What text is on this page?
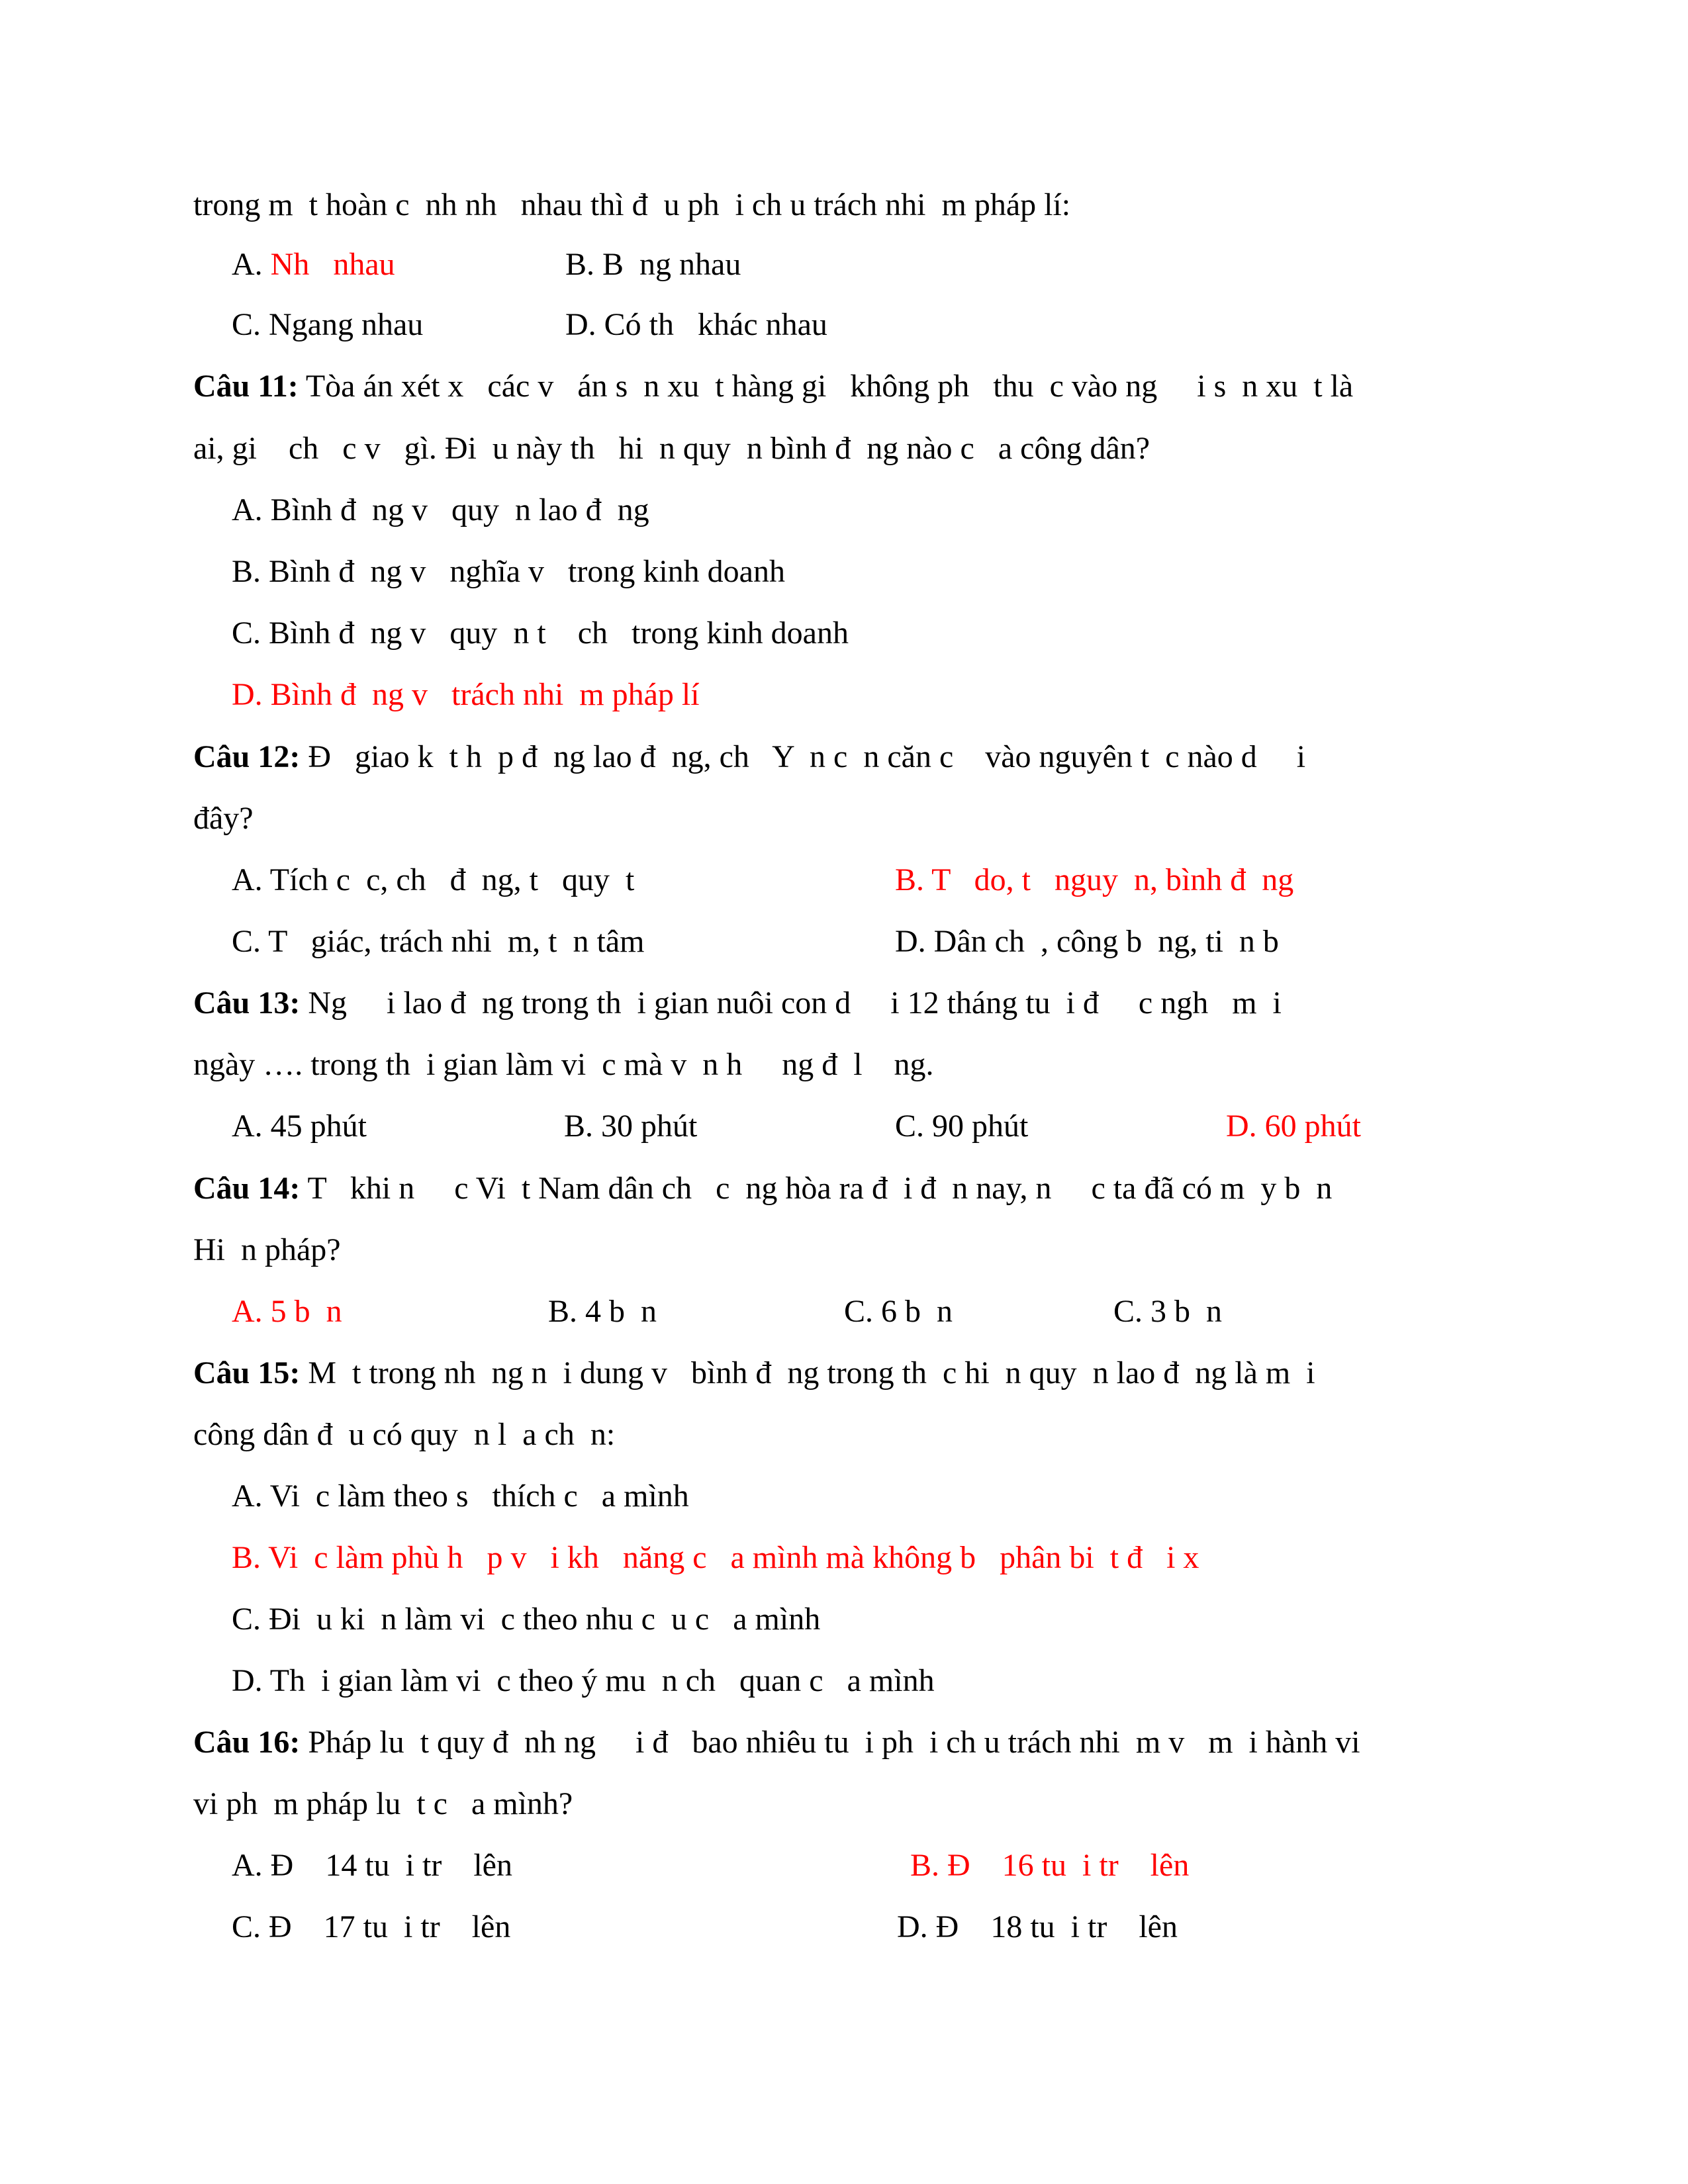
trong m  t hoàn c  nh nh   nhau thì đ  u ph  i ch u trách nhi  m pháp lí:
A. Nh   nhau	B. B  ng nhau
C. Ngang nhau	D. Có th   khác nhau
Câu 11: Tòa án xét x   các v   án s  n xu  t hàng gi   không ph   thu  c vào ng     i s  n xu  t là
ai, gi    ch   c v   gì. Đi  u này th   hi  n quy  n bình đ  ng nào c   a công dân?
A. Bình đ  ng v   quy  n lao đ  ng
B. Bình đ  ng v   nghĩa v   trong kinh doanh
C. Bình đ  ng v   quy  n t    ch   trong kinh doanh
D. Bình đ  ng v   trách nhi  m pháp lí
Câu 12: Đ   giao k  t h  p đ  ng lao đ  ng, ch   Y  n c  n căn c    vào nguyên t  c nào d     i
đây?
A. Tích c  c, ch   đ  ng, t   quy  t	B. T   do, t   nguy  n, bình đ  ng
C. T   giác, trách nhi  m, t  n tâm	D. Dân ch  , công b  ng, ti  n b
Câu 13: Ng     i lao đ  ng trong th  i gian nuôi con d     i 12 tháng tu  i đ     c ngh   m  i
ngày …. trong th  i gian làm vi  c mà v  n h     ng đ  l    ng.
A. 45 phút	B. 30 phút	C. 90 phút	D. 60 phút
Câu 14: T   khi n     c Vi  t Nam dân ch   c  ng hòa ra đ  i đ  n nay, n     c ta đã có m  y b  n
Hi  n pháp?
A. 5 b  n	B. 4 b  n	C. 6 b  n	C. 3 b  n
Câu 15: M  t trong nh  ng n  i dung v   bình đ  ng trong th  c hi  n quy  n lao đ  ng là m  i
công dân đ  u có quy  n l  a ch  n:
A. Vi  c làm theo s   thích c   a mình
B. Vi  c làm phù h   p v   i kh   năng c   a mình mà không b   phân bi  t đ   i x
C. Đi  u ki  n làm vi  c theo nhu c  u c   a mình
D. Th  i gian làm vi  c theo ý mu  n ch   quan c   a mình
Câu 16: Pháp lu  t quy đ  nh ng     i đ   bao nhiêu tu  i ph  i ch u trách nhi  m v   m  i hành vi
vi ph  m pháp lu  t c   a mình?
A. Đ    14 tu  i tr    lên	B. Đ    16 tu  i tr    lên
C. Đ    17 tu  i tr    lên	D. Đ    18 tu  i tr    lên
